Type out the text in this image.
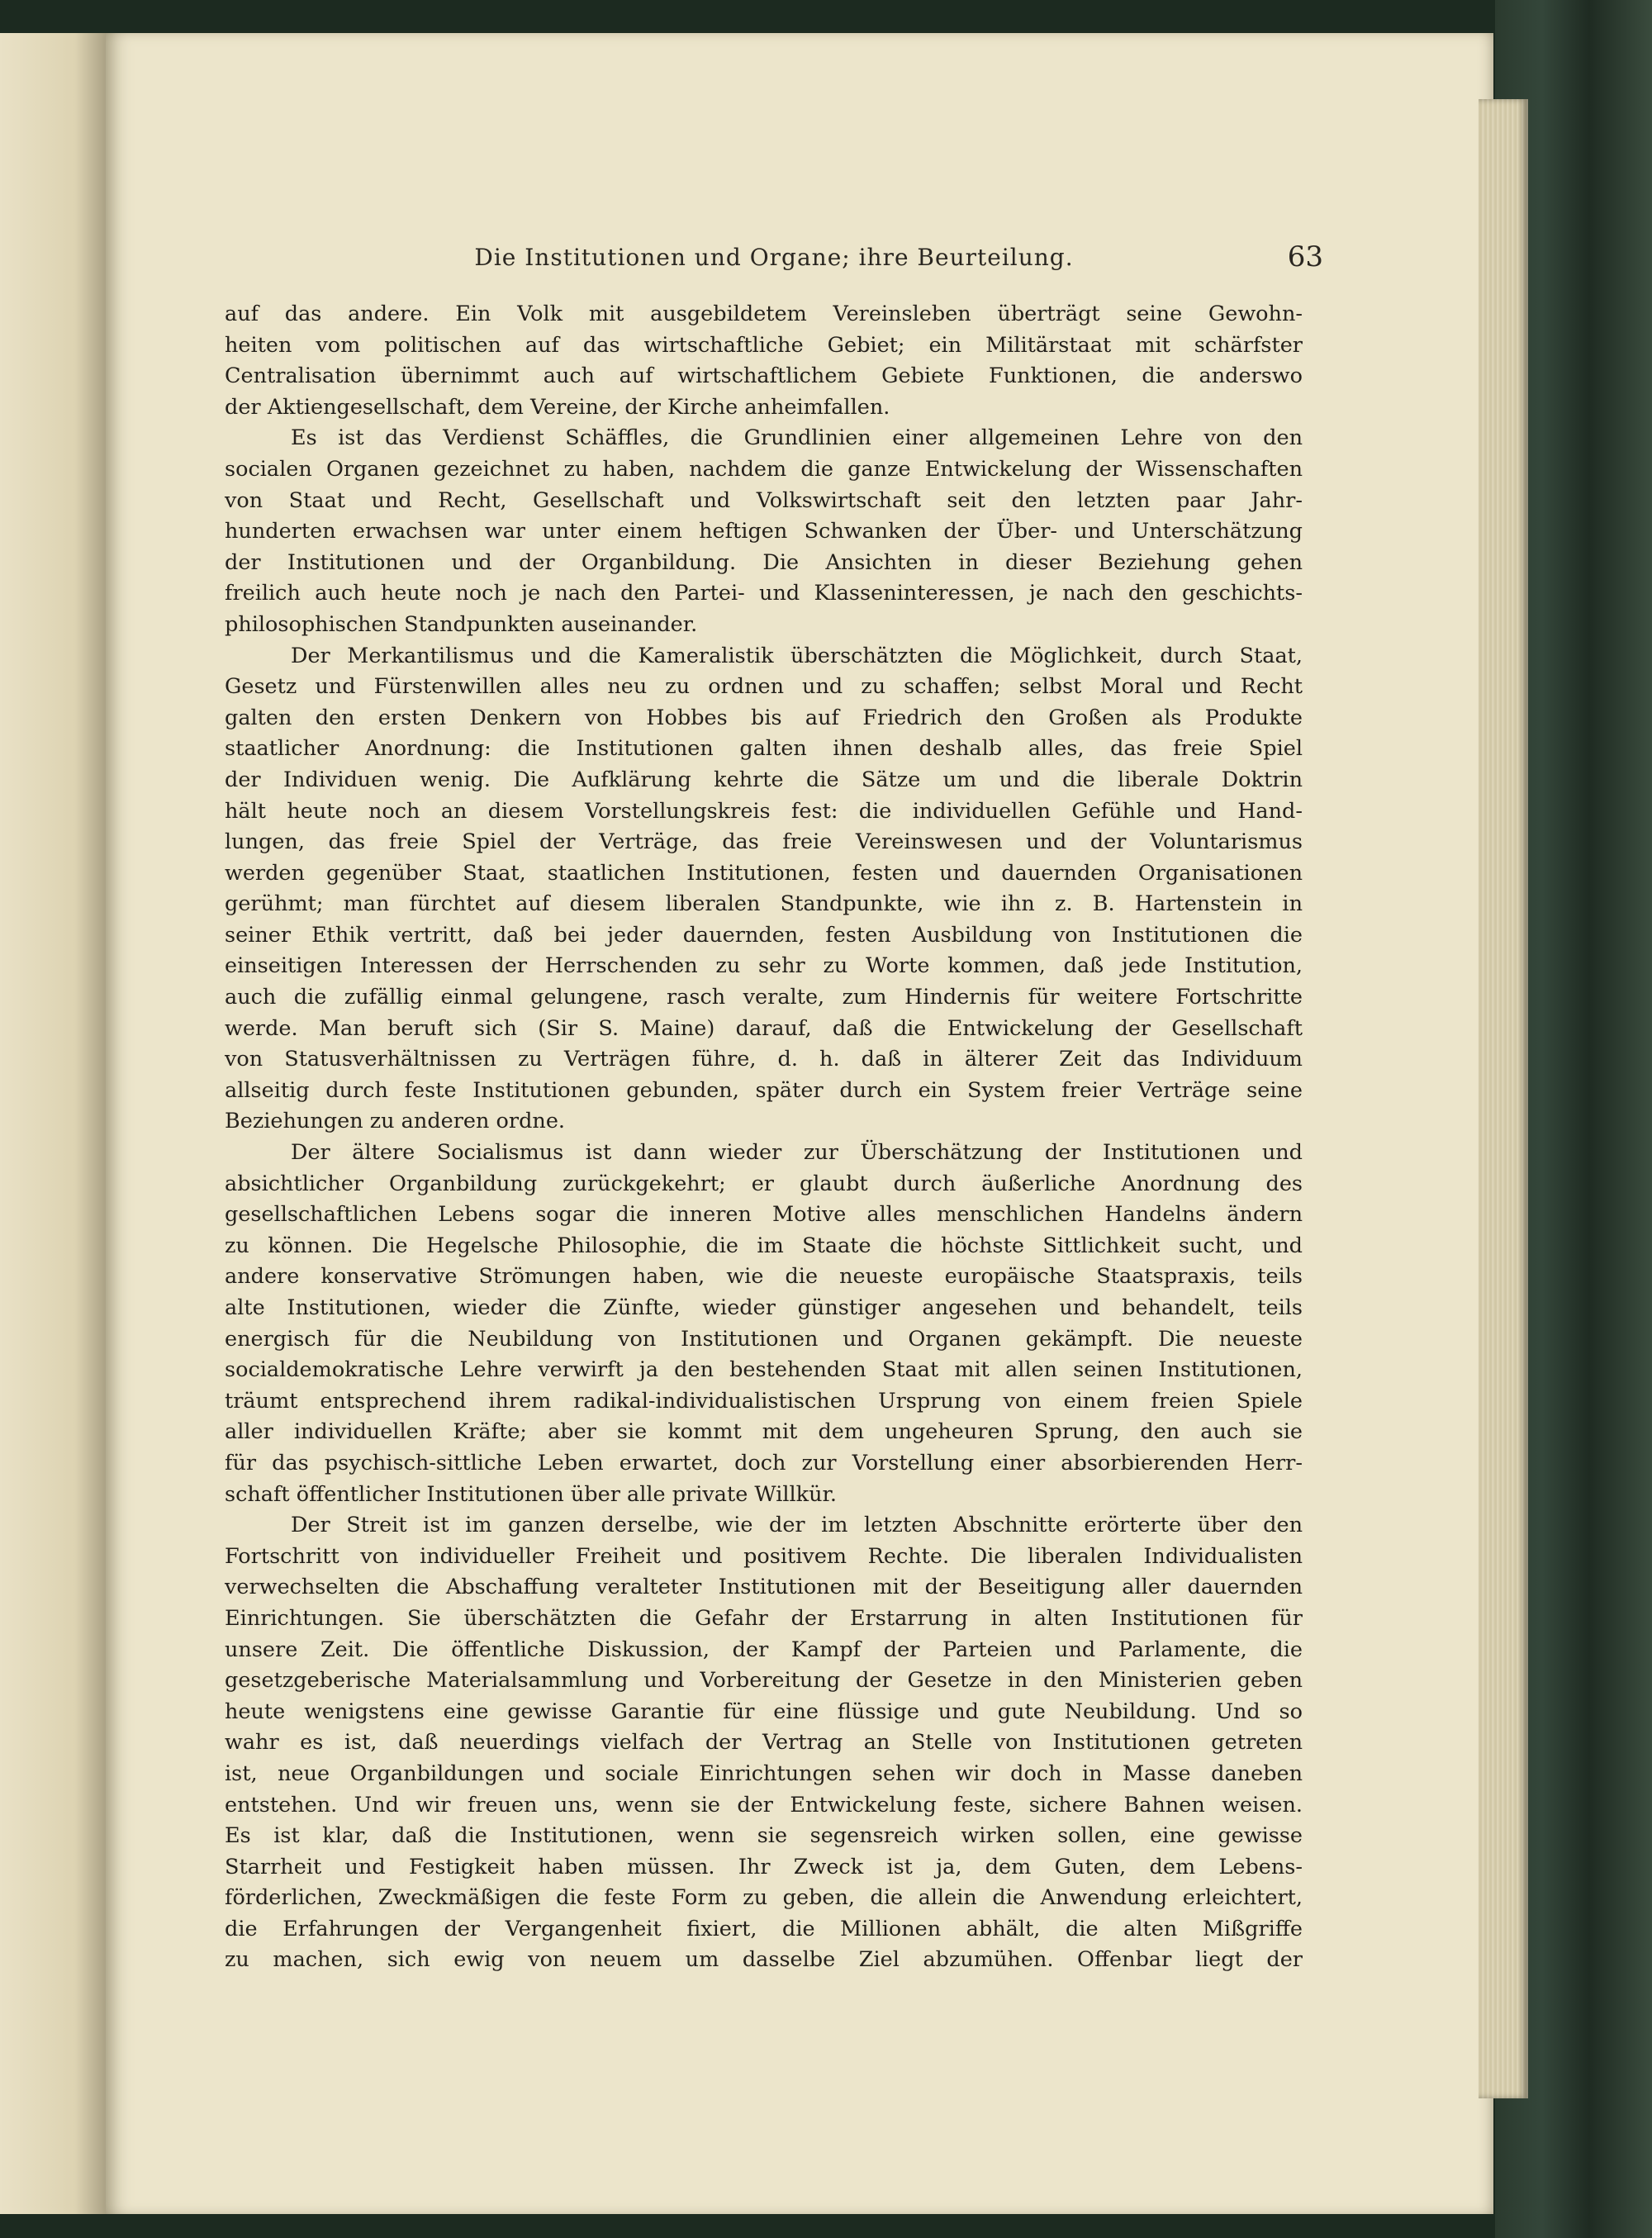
Die Institutionen und Organe; ihre Beurteilung.	63
auf das andere. Ein Volk mit ausgebildetem Vereinsleben überträgt seine Gewohn-
heiten vom politischen auf das wirtschaftliche Gebiet; ein Militärstaat mit schärfster
Centralisation übernimmt auch auf wirtschaftlichem Gebiete Funktionen, die anderswo
der Aktiengesellschaft, dem Vereine, der Kirche anheimfallen.
Es ist das Verdienst Schäffles, die Grundlinien einer allgemeinen Lehre von den
socialen Organen gezeichnet zu haben, nachdem die ganze Entwickelung der Wissenschaften
von Staat und Recht, Gesellschaft und Volkswirtschaft seit den letzten paar Jahr-
hunderten erwachsen war unter einem heftigen Schwanken der Über- und Unterschätzung
der Institutionen und der Organbildung. Die Ansichten in dieser Beziehung gehen
freilich auch heute noch je nach den Partei- und Klasseninteressen, je nach den geschichts-
philosophischen Standpunkten auseinander.
Der Merkantilismus und die Kameralistik überschätzten die Möglichkeit, durch Staat,
Gesetz und Fürstenwillen alles neu zu ordnen und zu schaffen; selbst Moral und Recht
galten den ersten Denkern von Hobbes bis auf Friedrich den Großen als Produkte
staatlicher Anordnung: die Institutionen galten ihnen deshalb alles, das freie Spiel
der Individuen wenig. Die Aufklärung kehrte die Sätze um und die liberale Doktrin
hält heute noch an diesem Vorstellungskreis fest: die individuellen Gefühle und Hand-
lungen, das freie Spiel der Verträge, das freie Vereinswesen und der Voluntarismus
werden gegenüber Staat, staatlichen Institutionen, festen und dauernden Organisationen
gerühmt; man fürchtet auf diesem liberalen Standpunkte, wie ihn z. B. Hartenstein in
seiner Ethik vertritt, daß bei jeder dauernden, festen Ausbildung von Institutionen die
einseitigen Interessen der Herrschenden zu sehr zu Worte kommen, daß jede Institution,
auch die zufällig einmal gelungene, rasch veralte, zum Hindernis für weitere Fortschritte
werde. Man beruft sich (Sir S. Maine) darauf, daß die Entwickelung der Gesellschaft
von Statusverhältnissen zu Verträgen führe, d. h. daß in älterer Zeit das Individuum
allseitig durch feste Institutionen gebunden, später durch ein System freier Verträge seine
Beziehungen zu anderen ordne.
Der ältere Socialismus ist dann wieder zur Überschätzung der Institutionen und
absichtlicher Organbildung zurückgekehrt; er glaubt durch äußerliche Anordnung des
gesellschaftlichen Lebens sogar die inneren Motive alles menschlichen Handelns ändern
zu können. Die Hegelsche Philosophie, die im Staate die höchste Sittlichkeit sucht, und
andere konservative Strömungen haben, wie die neueste europäische Staatspraxis, teils
alte Institutionen, wieder die Zünfte, wieder günstiger angesehen und behandelt, teils
energisch für die Neubildung von Institutionen und Organen gekämpft. Die neueste
socialdemokratische Lehre verwirft ja den bestehenden Staat mit allen seinen Institutionen,
träumt entsprechend ihrem radikal-individualistischen Ursprung von einem freien Spiele
aller individuellen Kräfte; aber sie kommt mit dem ungeheuren Sprung, den auch sie
für das psychisch-sittliche Leben erwartet, doch zur Vorstellung einer absorbierenden Herr-
schaft öffentlicher Institutionen über alle private Willkür.
Der Streit ist im ganzen derselbe, wie der im letzten Abschnitte erörterte über den
Fortschritt von individueller Freiheit und positivem Rechte. Die liberalen Individualisten
verwechselten die Abschaffung veralteter Institutionen mit der Beseitigung aller dauernden
Einrichtungen. Sie überschätzten die Gefahr der Erstarrung in alten Institutionen für
unsere Zeit. Die öffentliche Diskussion, der Kampf der Parteien und Parlamente, die
gesetzgeberische Materialsammlung und Vorbereitung der Gesetze in den Ministerien geben
heute wenigstens eine gewisse Garantie für eine flüssige und gute Neubildung. Und so
wahr es ist, daß neuerdings vielfach der Vertrag an Stelle von Institutionen getreten
ist, neue Organbildungen und sociale Einrichtungen sehen wir doch in Masse daneben
entstehen. Und wir freuen uns, wenn sie der Entwickelung feste, sichere Bahnen weisen.
Es ist klar, daß die Institutionen, wenn sie segensreich wirken sollen, eine gewisse
Starrheit und Festigkeit haben müssen. Ihr Zweck ist ja, dem Guten, dem Lebens-
förderlichen, Zweckmäßigen die feste Form zu geben, die allein die Anwendung erleichtert,
die Erfahrungen der Vergangenheit fixiert, die Millionen abhält, die alten Mißgriffe
zu machen, sich ewig von neuem um dasselbe Ziel abzumühen. Offenbar liegt der
